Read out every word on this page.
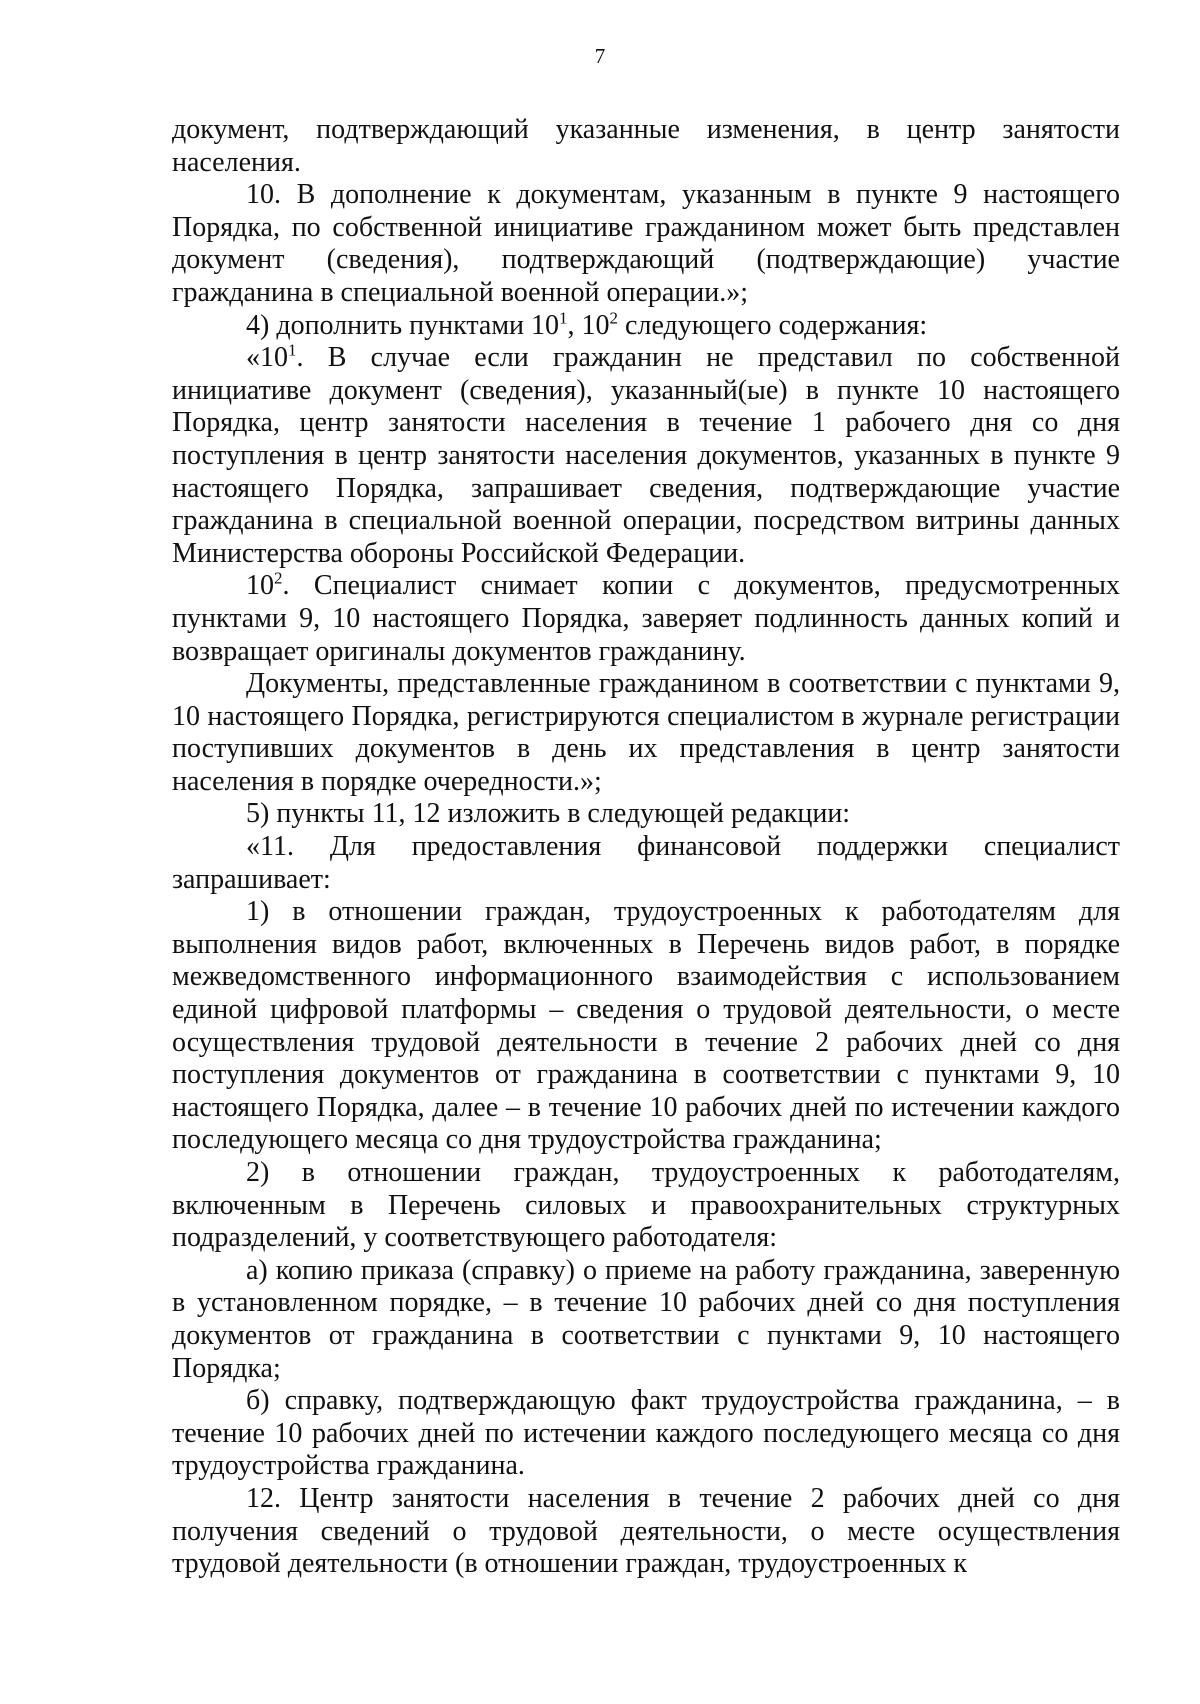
7

документ, подтверждающий указанные изменения, в центр занятости населения.

10. В дополнение к документам, указанным в пункте 9 настоящего Порядка, по собственной инициативе гражданином может быть представлен документ (сведения), подтверждающий (подтверждающие) участие гражданина в специальной военной операции.»;

4) дополнить пунктами $10^1$, $10^2$ следующего содержания:

«$10^1$. В случае если гражданин не представил по собственной инициативе документ (сведения), указанный(ые) в пункте 10 настоящего Порядка, центр занятости населения в течение 1 рабочего дня со дня поступления в центр занятости населения документов, указанных в пункте 9 настоящего Порядка, запрашивает сведения, подтверждающие участие гражданина в специальной военной операции, посредством витрины данных Министерства обороны Российской Федерации.

$10^2$. Специалист снимает копии с документов, предусмотренных пунктами 9, 10 настоящего Порядка, заверяет подлинность данных копий и возвращает оригиналы документов гражданину.

Документы, представленные гражданином в соответствии с пунктами 9, 10 настоящего Порядка, регистрируются специалистом в журнале регистрации поступивших документов в день их представления в центр занятости населения в порядке очередности.»;

5) пункты 11, 12 изложить в следующей редакции:

«11. Для предоставления финансовой поддержки специалист запрашивает:

1) в отношении граждан, трудоустроенных к работодателям для выполнения видов работ, включенных в Перечень видов работ, в порядке межведомственного информационного взаимодействия с использованием единой цифровой платформы – сведения о трудовой деятельности, о месте осуществления трудовой деятельности в течение 2 рабочих дней со дня поступления документов от гражданина в соответствии с пунктами 9, 10 настоящего Порядка, далее – в течение 10 рабочих дней по истечении каждого последующего месяца со дня трудоустройства гражданина;

2) в отношении граждан, трудоустроенных к работодателям, включенным в Перечень силовых и правоохранительных структурных подразделений, у соответствующего работодателя:

а) копию приказа (справку) о приеме на работу гражданина, заверенную в установленном порядке, – в течение 10 рабочих дней со дня поступления документов от гражданина в соответствии с пунктами 9, 10 настоящего Порядка;

б) справку, подтверждающую факт трудоустройства гражданина, – в течение 10 рабочих дней по истечении каждого последующего месяца со дня трудоустройства гражданина.

12. Центр занятости населения в течение 2 рабочих дней со дня получения сведений о трудовой деятельности, о месте осуществления трудовой деятельности (в отношении граждан, трудоустроенных к
